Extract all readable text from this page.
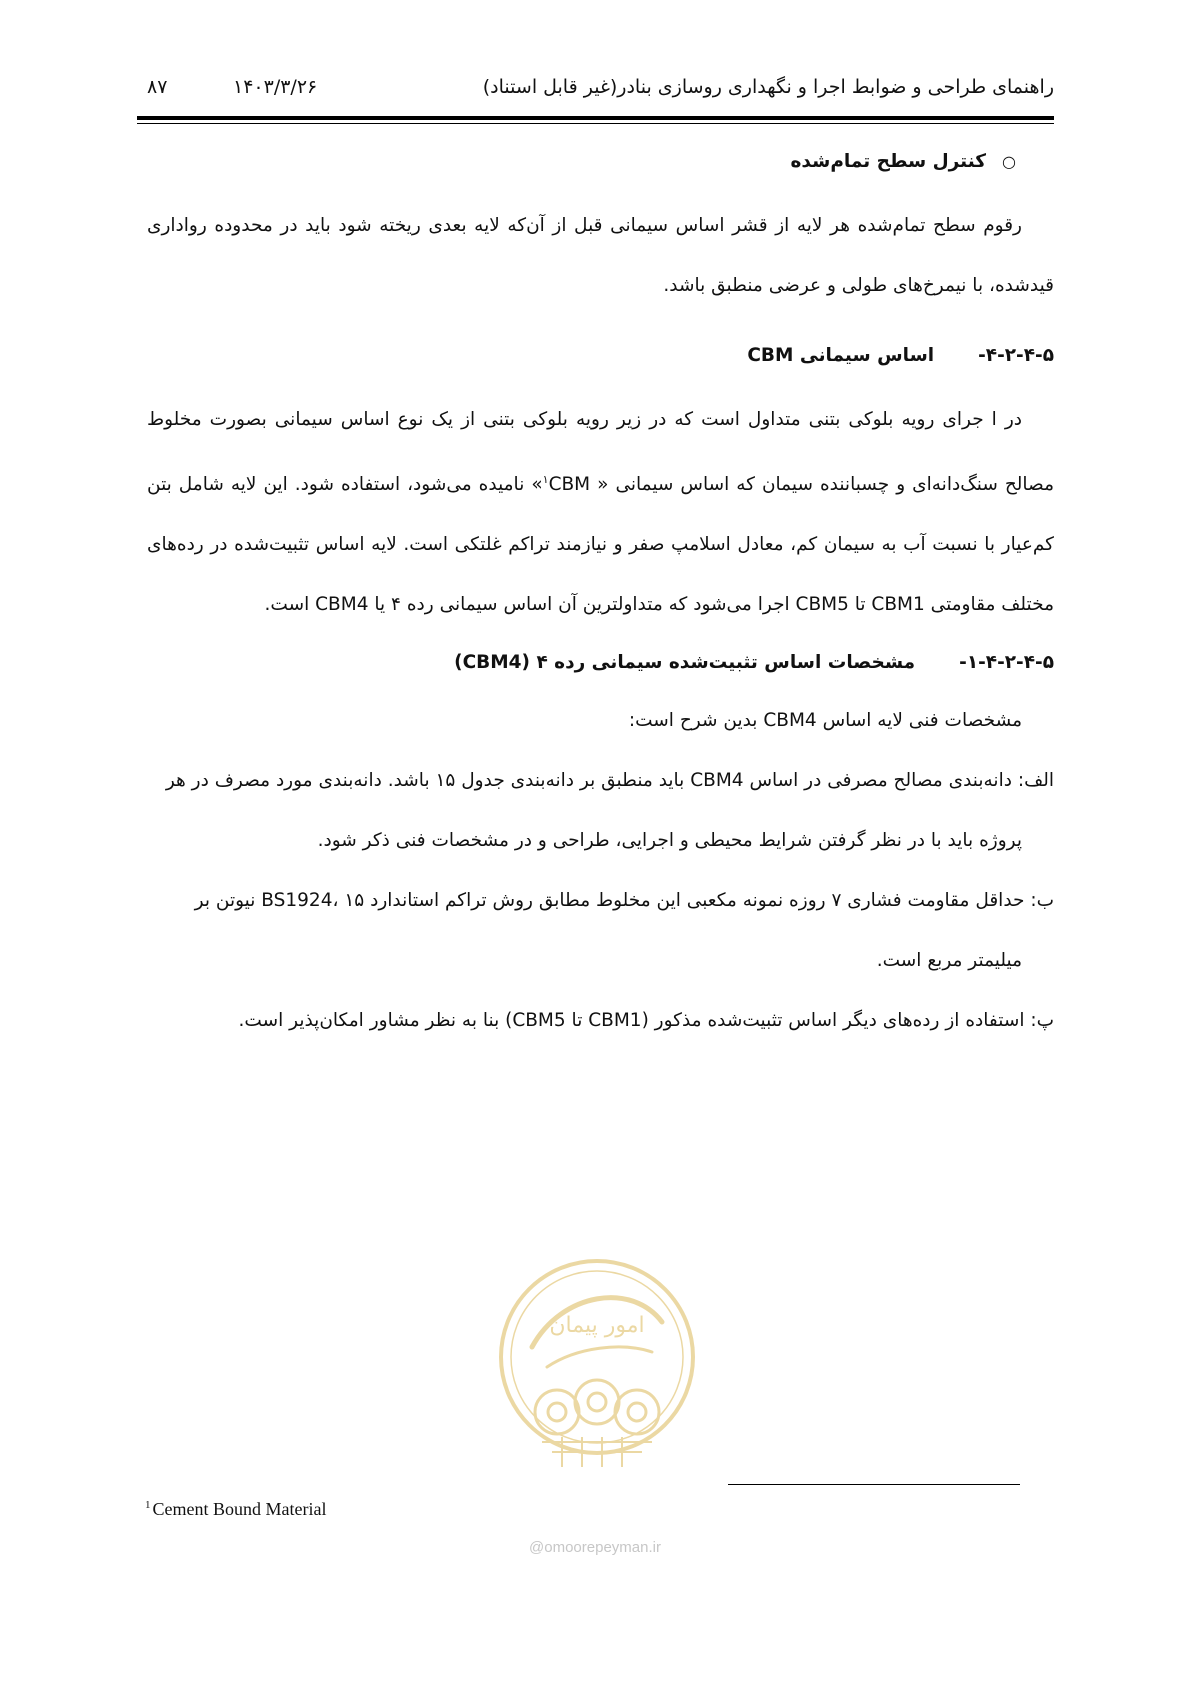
راهنمای طراحی و ضوابط اجرا و نگهداری روسازی بنادر(غیر قابل استناد)
۱۴۰۳/۳/۲۶
۸۷

○کنترل سطح تمام‌شده

رقوم سطح تمام‌شده هر لایه از قشر اساس سیمانی قبل از آن‌که لایه بعدی ریخته شود باید در محدوده رواداری قیدشده، با نیمرخ‌های طولی و عرضی منطبق باشد.

۴-۲-۴-۵-اساس سیمانی CBM

در ا جرای رویه بلوکی بتنی متداول است که در زیر رویه بلوکی بتنی از یک نوع اساس سیمانی بصورت مخلوط مصالح سنگ‌دانه‌ای و چسباننده سیمان که اساس سیمانی « $^۱$CBM» نامیده می‌شود، استفاده شود. این لایه شامل بتن کم‌عیار با نسبت آب به سیمان کم، معادل اسلامپ صفر و نیازمند تراکم غلتکی است. لایه اساس تثبیت‌شده در رده‌های مختلف مقاومتی CBM1 تا CBM5 اجرا می‌شود که متداولترین آن اساس سیمانی رده ۴ یا CBM4 است.

۱-۴-۲-۴-۵-مشخصات اساس تثبیت‌شده سیمانی رده ۴ (CBM4)

مشخصات فنی لایه اساس CBM4 بدین شرح است:

الف: دانه‌بندی مصالح مصرفی در اساس CBM4 باید منطبق بر دانه‌بندی جدول ۱۵ باشد. دانه‌بندی مورد مصرف در هر
پروژه باید با در نظر گرفتن شرایط محیطی و اجرایی، طراحی و در مشخصات فنی ذکر شود.

ب: حداقل مقاومت فشاری ۷ روزه نمونه مکعبی این مخلوط مطابق روش تراکم استاندارد BS1924، ۱۵ نیوتن بر
میلیمتر مربع است.

پ: استفاده از رده‌های دیگر اساس تثبیت‌شده مذکور (CBM1 تا CBM5) بنا به نظر مشاور امکان‌پذیر است.

امور پیمان
@omoorepeyman.ir
$^1$ Cement Bound Material
